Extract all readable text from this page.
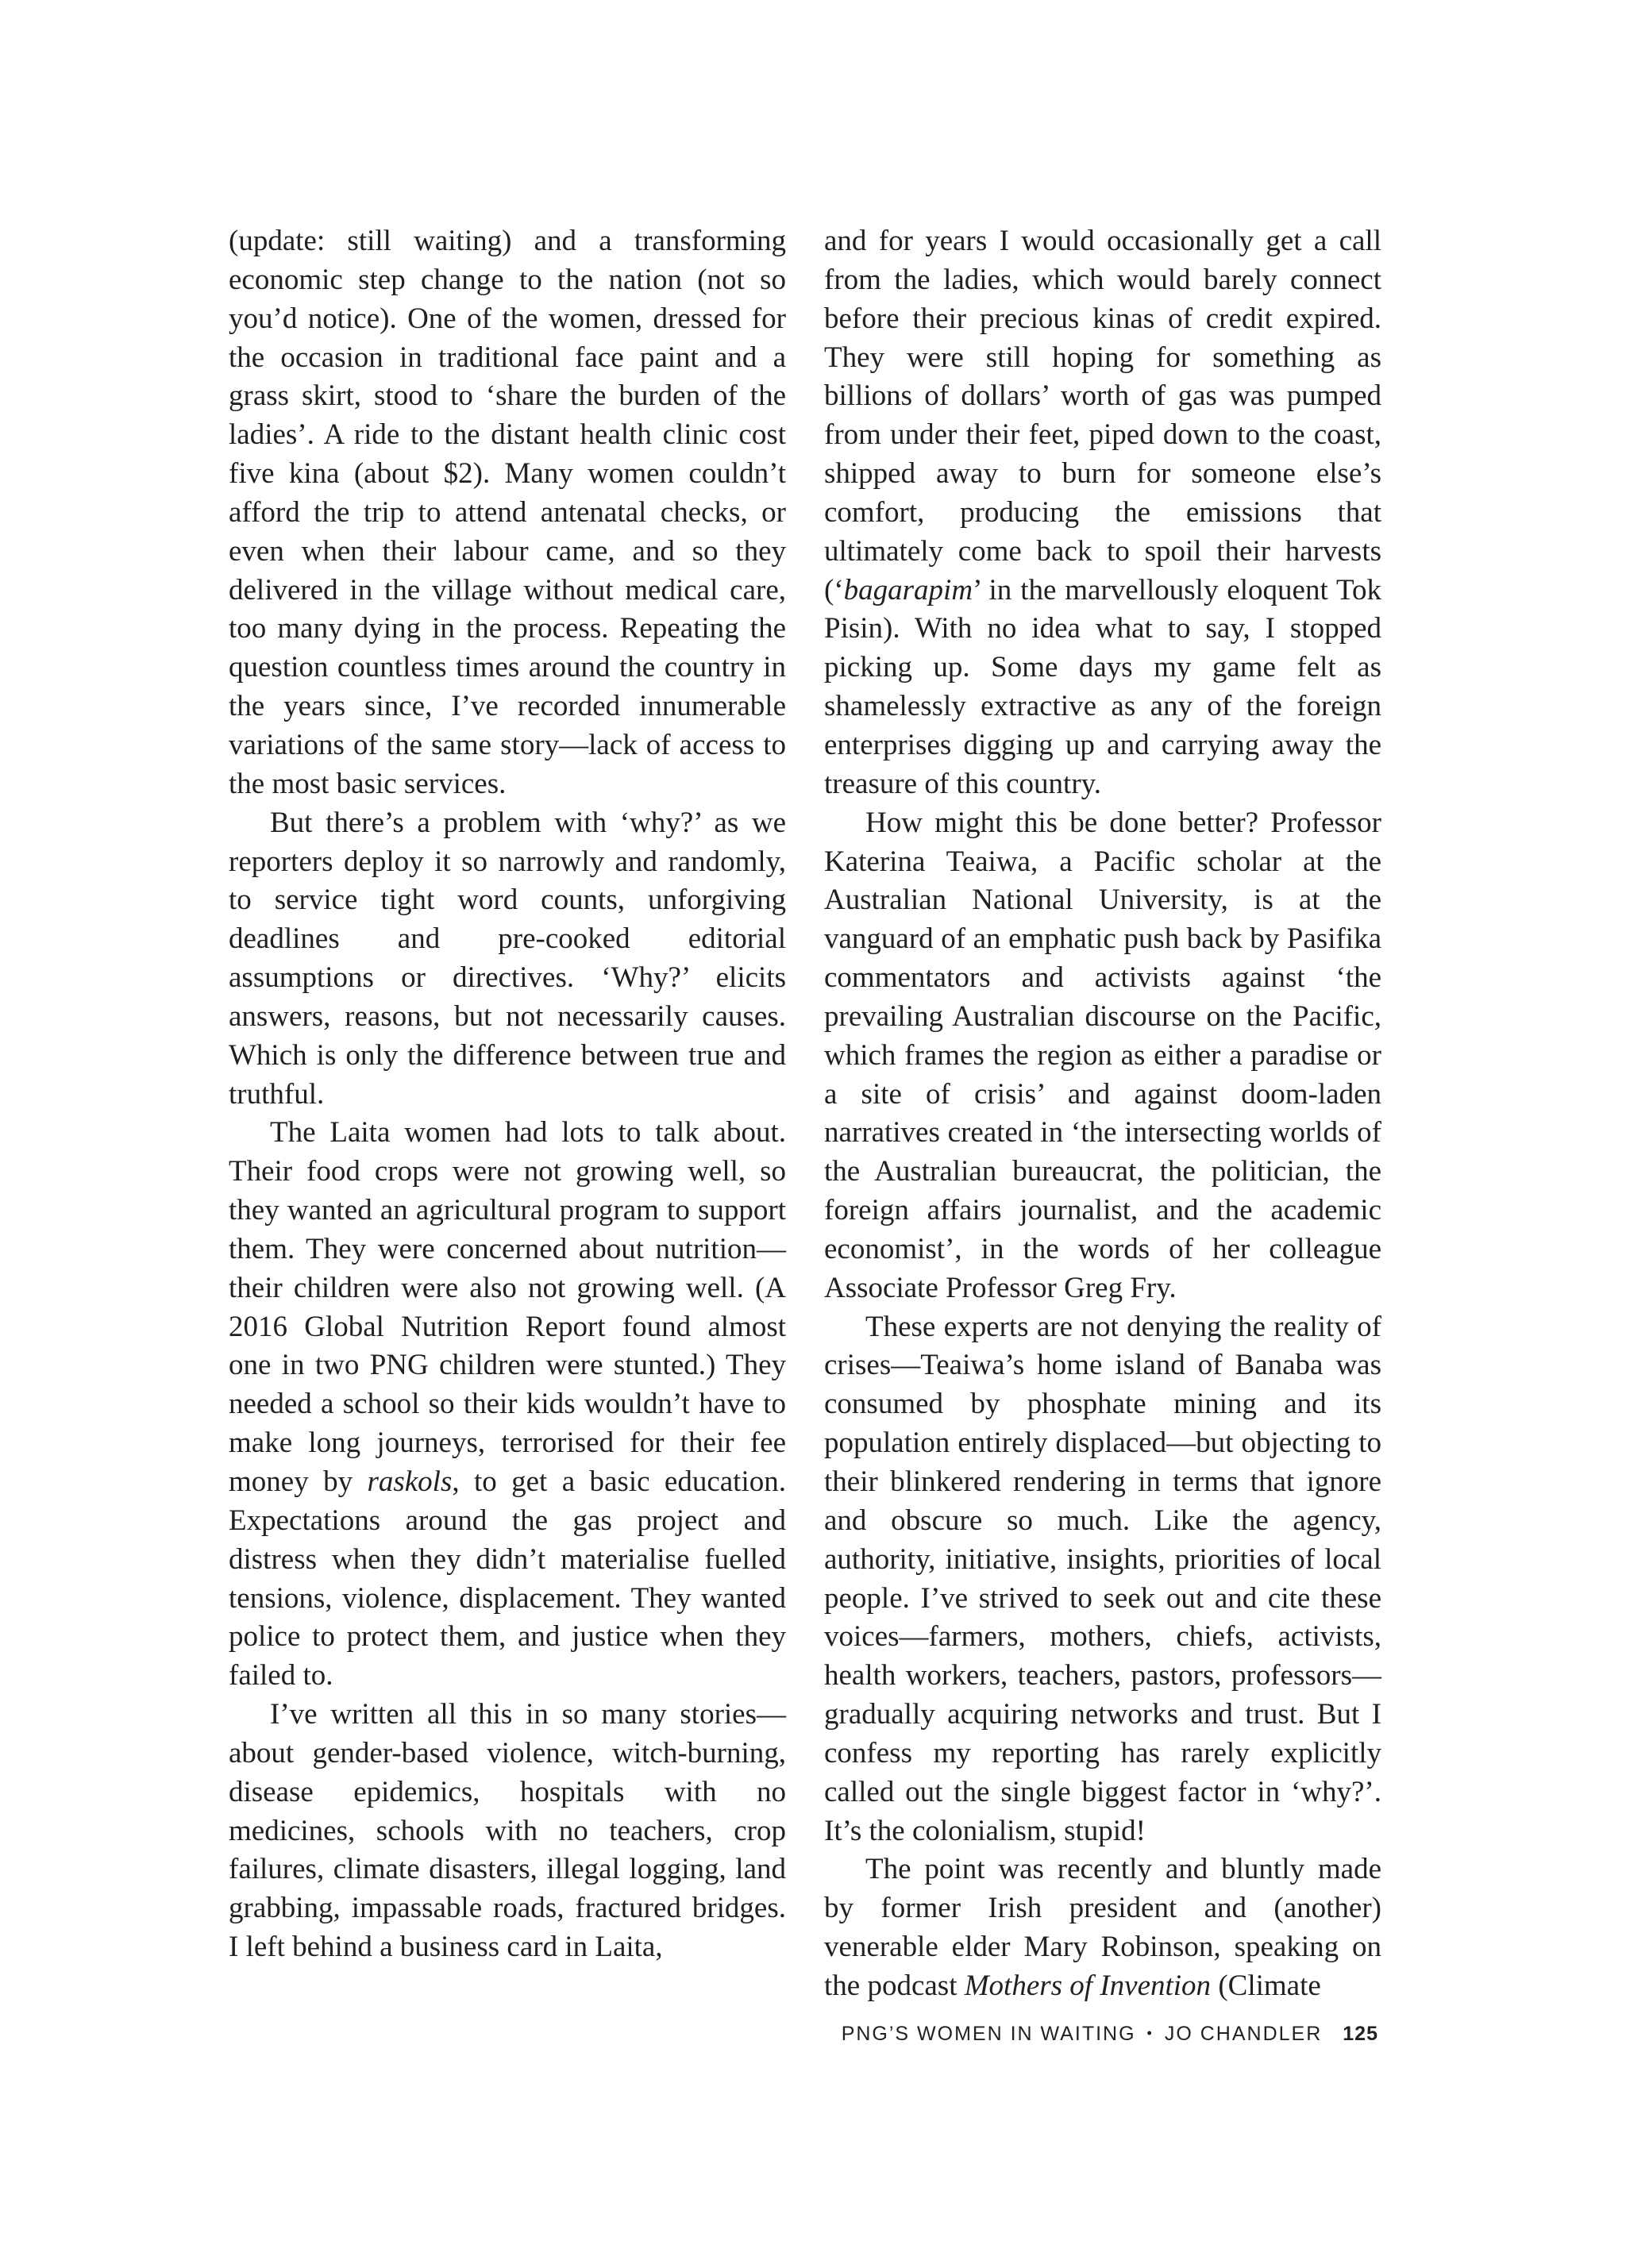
(update: still waiting) and a transforming economic step change to the nation (not so you’d notice). One of the women, dressed for the occasion in traditional face paint and a grass skirt, stood to ‘share the burden of the ladies’. A ride to the distant health clinic cost five kina (about $2). Many women couldn’t afford the trip to attend antenatal checks, or even when their labour came, and so they delivered in the village without medical care, too many dying in the process. Repeating the question countless times around the country in the years since, I’ve recorded innumerable variations of the same story—lack of access to the most basic services.

But there’s a problem with ‘why?’ as we reporters deploy it so narrowly and randomly, to service tight word counts, unforgiving deadlines and pre-cooked editorial assumptions or directives. ‘Why?’ elicits answers, reasons, but not necessarily causes. Which is only the difference between true and truthful.

The Laita women had lots to talk about. Their food crops were not growing well, so they wanted an agricultural program to support them. They were concerned about nutrition—their children were also not growing well. (A 2016 Global Nutrition Report found almost one in two PNG children were stunted.) They needed a school so their kids wouldn’t have to make long journeys, terrorised for their fee money by raskols, to get a basic education. Expectations around the gas project and distress when they didn’t materialise fuelled tensions, violence, displacement. They wanted police to protect them, and justice when they failed to.

I’ve written all this in so many stories—about gender-based violence, witch-burning, disease epidemics, hospitals with no medicines, schools with no teachers, crop failures, climate disasters, illegal logging, land grabbing, impassable roads, fractured bridges. I left behind a business card in Laita,

and for years I would occasionally get a call from the ladies, which would barely connect before their precious kinas of credit expired. They were still hoping for something as billions of dollars’ worth of gas was pumped from under their feet, piped down to the coast, shipped away to burn for someone else’s comfort, producing the emissions that ultimately come back to spoil their harvests (‘bagarapim’ in the marvellously eloquent Tok Pisin). With no idea what to say, I stopped picking up. Some days my game felt as shamelessly extractive as any of the foreign enterprises digging up and carrying away the treasure of this country.

How might this be done better? Professor Katerina Teaiwa, a Pacific scholar at the Australian National University, is at the vanguard of an emphatic push back by Pasifika commentators and activists against ‘the prevailing Australian discourse on the Pacific, which frames the region as either a paradise or a site of crisis’ and against doom-laden narratives created in ‘the intersecting worlds of the Australian bureaucrat, the politician, the foreign affairs journalist, and the academic economist’, in the words of her colleague Associate Professor Greg Fry.

These experts are not denying the reality of crises—Teaiwa’s home island of Banaba was consumed by phosphate mining and its population entirely displaced—but objecting to their blinkered rendering in terms that ignore and obscure so much. Like the agency, authority, initiative, insights, priorities of local people. I’ve strived to seek out and cite these voices—farmers, mothers, chiefs, activists, health workers, teachers, pastors, professors—gradually acquiring networks and trust. But I confess my reporting has rarely explicitly called out the single biggest factor in ‘why?’. It’s the colonialism, stupid!

The point was recently and bluntly made by former Irish president and (another) venerable elder Mary Robinson, speaking on the podcast Mothers of Invention (Climate

PNG’S WOMEN IN WAITING • JO CHANDLER 125
